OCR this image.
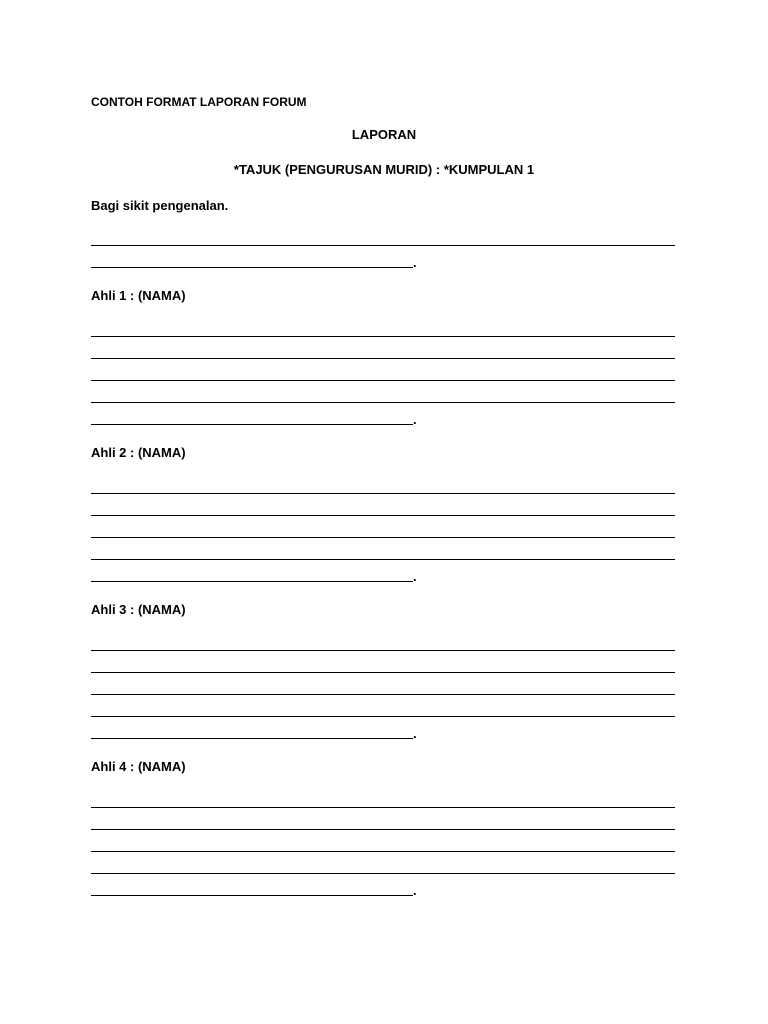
CONTOH FORMAT LAPORAN FORUM
LAPORAN
*TAJUK (PENGURUSAN MURID) : *KUMPULAN 1
Bagi sikit pengenalan.
.
Ahli 1 : (NAMA)
.
Ahli 2 : (NAMA)
.
Ahli 3 : (NAMA)
.
Ahli 4 : (NAMA)
.
